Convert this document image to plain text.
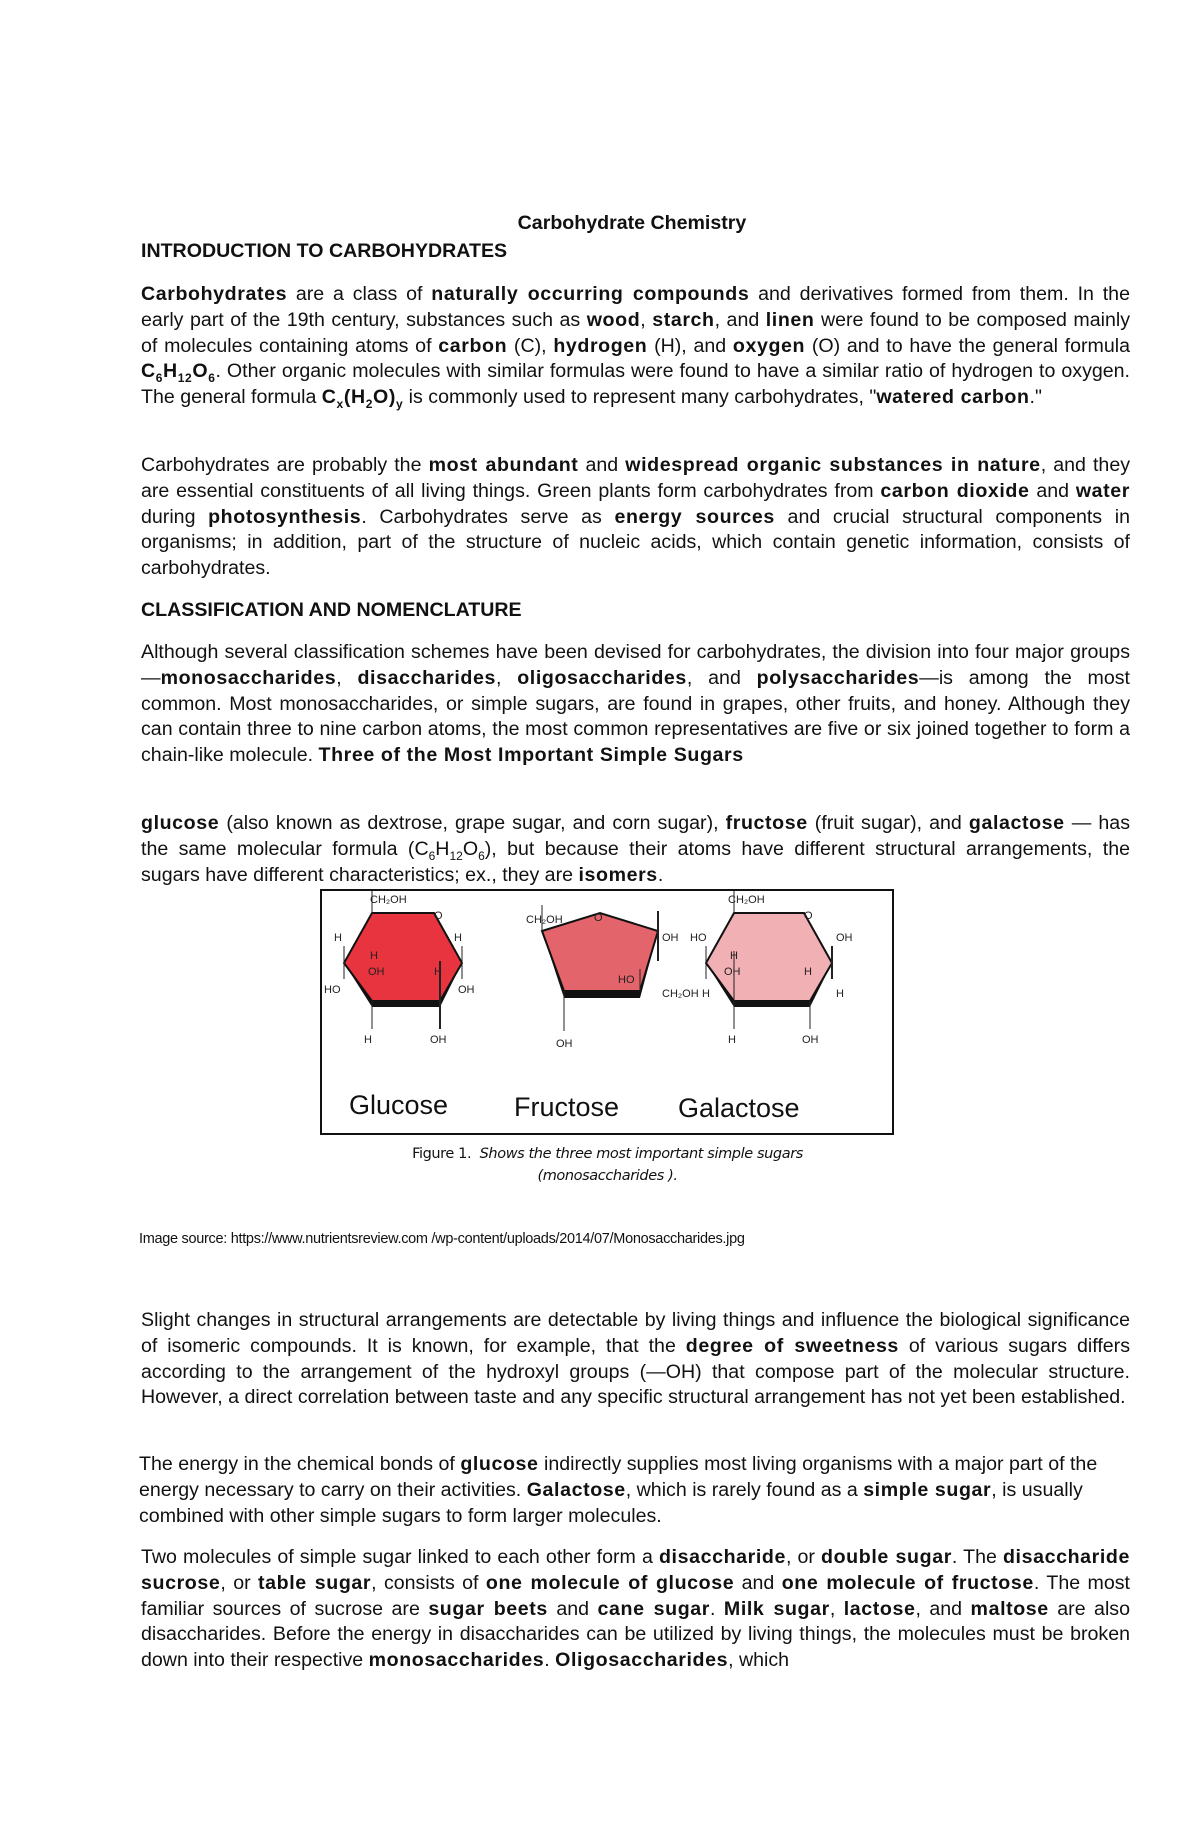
Carbohydrate Chemistry
INTRODUCTION TO CARBOHYDRATES
Carbohydrates are a class of naturally occurring compounds and derivatives formed from them. In the early part of the 19th century, substances such as wood, starch, and linen were found to be composed mainly of molecules containing atoms of carbon (C), hydrogen (H), and oxygen (O) and to have the general formula $C_6H_{12}O_6$. Other organic molecules with similar formulas were found to have a similar ratio of hydrogen to oxygen. The general formula $C_x(H_2O)_y$ is commonly used to represent many carbohydrates, "watered carbon."
Carbohydrates are probably the most abundant and widespread organic substances in nature, and they are essential constituents of all living things. Green plants form carbohydrates from carbon dioxide and water during photosynthesis. Carbohydrates serve as energy sources and crucial structural components in organisms; in addition, part of the structure of nucleic acids, which contain genetic information, consists of carbohydrates.
CLASSIFICATION AND NOMENCLATURE
Although several classification schemes have been devised for carbohydrates, the division into four major groups—monosaccharides, disaccharides, oligosaccharides, and polysaccharides—is among the most common. Most monosaccharides, or simple sugars, are found in grapes, other fruits, and honey. Although they can contain three to nine carbon atoms, the most common representatives are five or six joined together to form a chain-like molecule. Three of the Most Important Simple Sugars
glucose (also known as dextrose, grape sugar, and corn sugar), fructose (fruit sugar), and galactose — has the same molecular formula $(C_6H_{12}O_6)$, but because their atoms have different structural arrangements, the sugars have different characteristics; ex., they are isomers.
CH₂OH
O
H	H
H
OH	H
HO	OH
H	OH
CH₂OH	O
OH
HO
CH₂OH
OH
CH₂OH
O
HO	OH
H
OH	H
H	H
H	OH
Glucose Fructose Galactose
Figure 1. Shows the three most important simple sugars
(monosaccharides ).
Image source: https://www.nutrientsreview.com /wp-content/uploads/2014/07/Monosaccharides.jpg
Slight changes in structural arrangements are detectable by living things and influence the biological significance of isomeric compounds. It is known, for example, that the degree of sweetness of various sugars differs according to the arrangement of the hydroxyl groups (—OH) that compose part of the molecular structure. However, a direct correlation between taste and any specific structural arrangement has not yet been established.
The energy in the chemical bonds of glucose indirectly supplies most living organisms with a major part of the energy necessary to carry on their activities. Galactose, which is rarely found as a simple sugar, is usually combined with other simple sugars to form larger molecules.
Two molecules of simple sugar linked to each other form a disaccharide, or double sugar. The disaccharide sucrose, or table sugar, consists of one molecule of glucose and one molecule of fructose. The most familiar sources of sucrose are sugar beets and cane sugar. Milk sugar, lactose, and maltose are also disaccharides. Before the energy in disaccharides can be utilized by living things, the molecules must be broken down into their respective monosaccharides. Oligosaccharides, which
